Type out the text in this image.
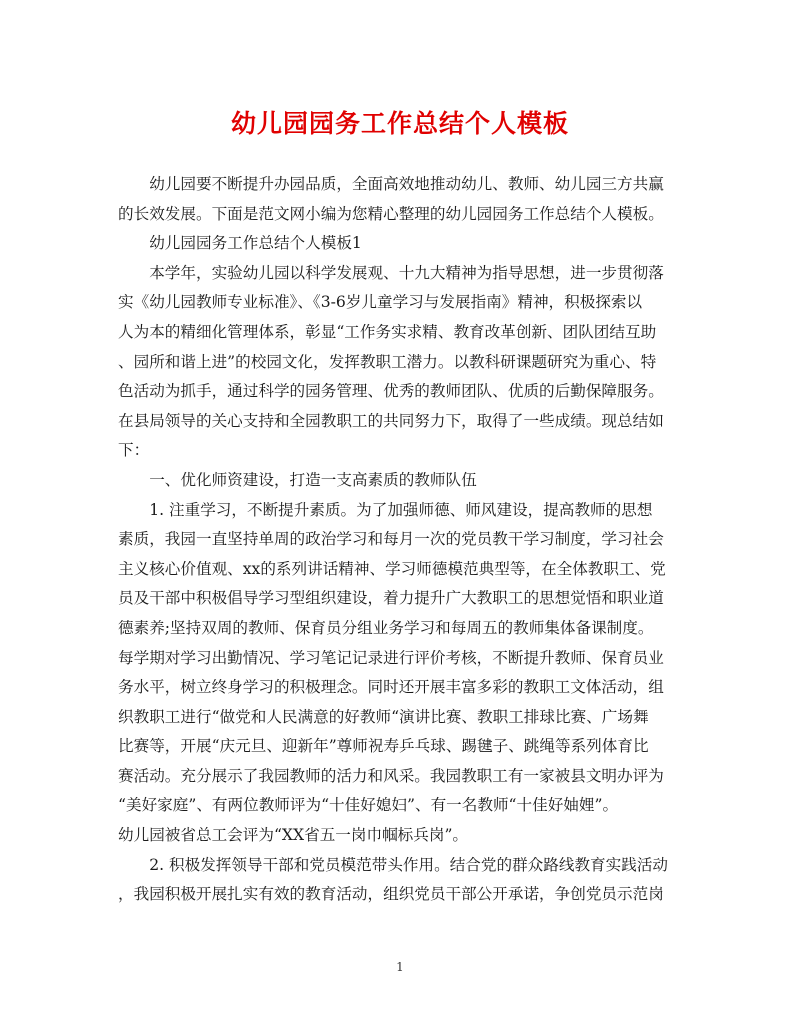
幼儿园园务工作总结个人模板
幼儿园要不断提升办园品质，全面高效地推动幼儿、教师、幼儿园三方共赢
的长效发展。下面是范文网小编为您精心整理的幼儿园园务工作总结个人模板。
幼儿园园务工作总结个人模板1
本学年，实验幼儿园以科学发展观、十九大精神为指导思想，进一步贯彻落
实《幼儿园教师专业标准》、《3-6岁儿童学习与发展指南》精神，积极探索以
人为本的精细化管理体系，彰显“工作务实求精、教育改革创新、团队团结互助
、园所和谐上进”的校园文化，发挥教职工潜力。以教科研课题研究为重心、特
色活动为抓手，通过科学的园务管理、优秀的教师团队、优质的后勤保障服务。
在县局领导的关心支持和全园教职工的共同努力下，取得了一些成绩。现总结如
下：
一、优化师资建设，打造一支高素质的教师队伍
1. 注重学习，不断提升素质。为了加强师德、师风建设，提高教师的思想
素质，我园一直坚持单周的政治学习和每月一次的党员教干学习制度，学习社会
主义核心价值观、xx的系列讲话精神、学习师德模范典型等，在全体教职工、党
员及干部中积极倡导学习型组织建设，着力提升广大教职工的思想觉悟和职业道
德素养;坚持双周的教师、保育员分组业务学习和每周五的教师集体备课制度。
每学期对学习出勤情况、学习笔记记录进行评价考核，不断提升教师、保育员业
务水平，树立终身学习的积极理念。同时还开展丰富多彩的教职工文体活动，组
织教职工进行“做党和人民满意的好教师“演讲比赛、教职工排球比赛、广场舞
比赛等，开展“庆元旦、迎新年”尊师祝寿乒乓球、踢毽子、跳绳等系列体育比
赛活动。充分展示了我园教师的活力和风采。我园教职工有一家被县文明办评为
“美好家庭”、有两位教师评为“十佳好媳妇”、有一名教师“十佳好妯娌”。
幼儿园被省总工会评为“XX省五一岗巾帼标兵岗”。
2. 积极发挥领导干部和党员模范带头作用。结合党的群众路线教育实践活动
，我园积极开展扎实有效的教育活动，组织党员干部公开承诺，争创党员示范岗
1
